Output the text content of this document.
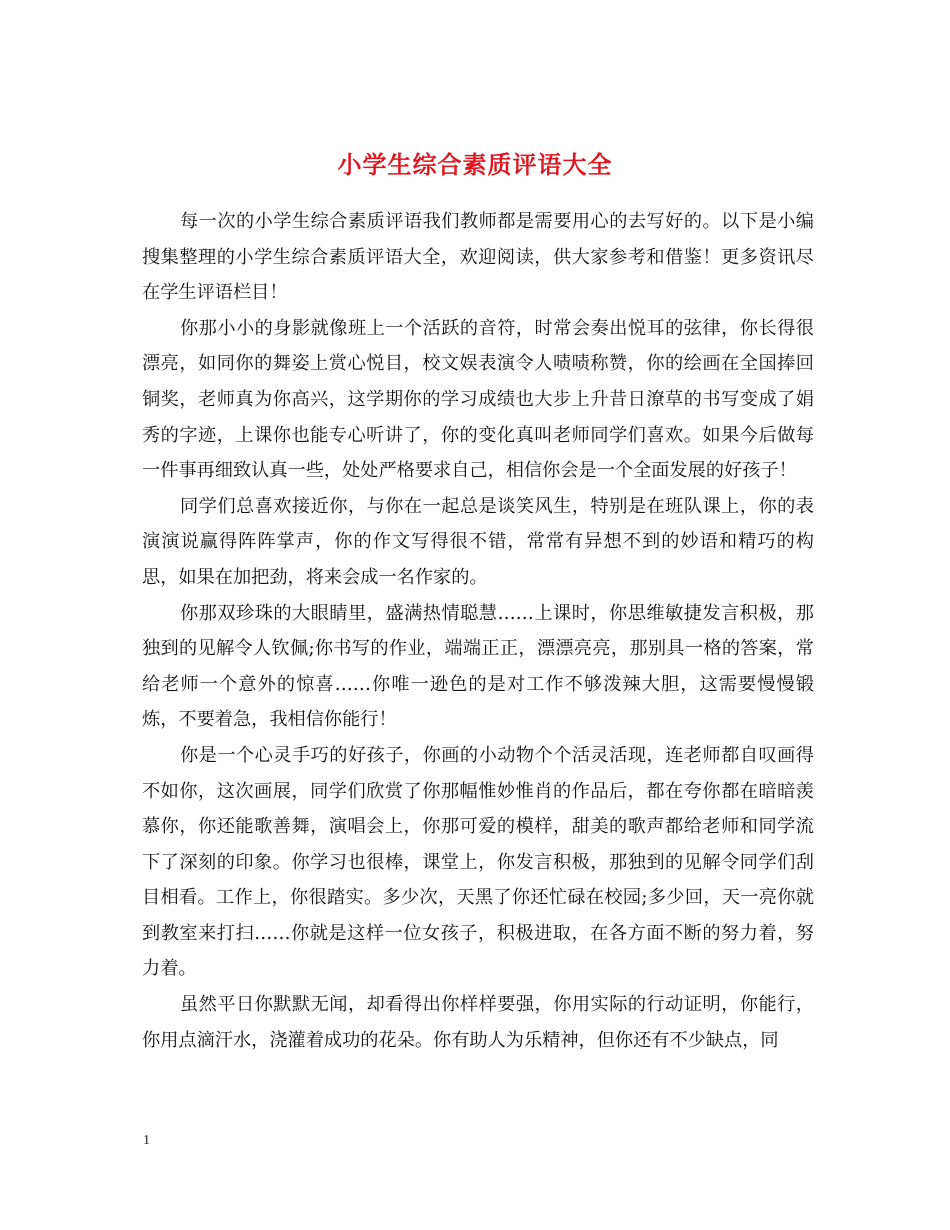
小学生综合素质评语大全

每一次的小学生综合素质评语我们教师都是需要用心的去写好的。以下是小编搜集整理的小学生综合素质评语大全，欢迎阅读，供大家参考和借鉴！更多资讯尽在学生评语栏目！

你那小小的身影就像班上一个活跃的音符，时常会奏出悦耳的弦律，你长得很漂亮，如同你的舞姿上赏心悦目，校文娱表演令人啧啧称赞，你的绘画在全国捧回铜奖，老师真为你高兴，这学期你的学习成绩也大步上升昔日潦草的书写变成了娟秀的字迹，上课你也能专心听讲了，你的变化真叫老师同学们喜欢。如果今后做每一件事再细致认真一些，处处严格要求自己，相信你会是一个全面发展的好孩子！

同学们总喜欢接近你，与你在一起总是谈笑风生，特别是在班队课上，你的表演演说赢得阵阵掌声，你的作文写得很不错，常常有异想不到的妙语和精巧的构思，如果在加把劲，将来会成一名作家的。

你那双珍珠的大眼睛里，盛满热情聪慧……上课时，你思维敏捷发言积极，那独到的见解令人钦佩;你书写的作业，端端正正，漂漂亮亮，那别具一格的答案，常给老师一个意外的惊喜……你唯一逊色的是对工作不够泼辣大胆，这需要慢慢锻炼，不要着急，我相信你能行！

你是一个心灵手巧的好孩子，你画的小动物个个活灵活现，连老师都自叹画得不如你，这次画展，同学们欣赏了你那幅惟妙惟肖的作品后，都在夸你都在暗暗羡慕你，你还能歌善舞，演唱会上，你那可爱的模样，甜美的歌声都给老师和同学流下了深刻的印象。你学习也很棒，课堂上，你发言积极，那独到的见解令同学们刮目相看。工作上，你很踏实。多少次，天黑了你还忙碌在校园;多少回，天一亮你就到教室来打扫……你就是这样一位女孩子，积极进取，在各方面不断的努力着，努力着。

虽然平日你默默无闻，却看得出你样样要强，你用实际的行动证明，你能行，你用点滴汗水，浇灌着成功的花朵。你有助人为乐精神，但你还有不少缺点，同

1
